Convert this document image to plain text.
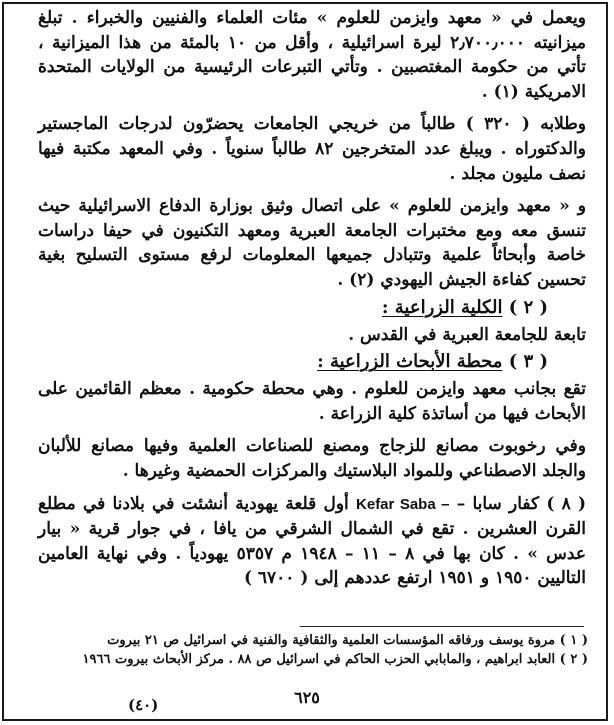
ويعمل في « معهد وايزمن للعلوم » مئات العلماء والفنيين والخبراء . تبلغ ميزانيته ٢٫٧٠٠٫٠٠٠ ليرة اسرائيلية ، وأقل من ١٠ بالمئة من هذا الميزانية ، تأتي من حكومة المغتصبين . وتأتي التبرعات الرئيسية من الولايات المتحدة الامريكية (١) .

وطلابه ( ٣٢٠ ) طالباً من خريجي الجامعات يحضرّون لدرجات الماجستير والدكتوراه . ويبلغ عدد المتخرجين ٨٢ طالباً سنوياً . وفي المعهد مكتبة فيها نصف مليون مجلد .

و « معهد وايزمن للعلوم » على اتصال وثيق بوزارة الدفاع الاسرائيلية حيث تنسق معه ومع مختبرات الجامعة العبرية ومعهد التكنيون في حيفا دراسات خاصة وأبحاثاً علمية وتتبادل جميعها المعلومات لرفع مستوى التسليح بغية تحسين كفاءة الجيش اليهودي (٢) .

( ٢ ) الكلية الزراعية :

تابعة للجامعة العبرية في القدس .

( ٣ ) محطة الأبحاث الزراعية :

تقع بجانب معهد وايزمن للعلوم . وهي محطة حكومية . معظم القائمين على الأبحاث فيها من أساتذة كلية الزراعة .

وفي رخوبوت مصانع للزجاج ومصنع للصناعات العلمية وفيها مصانع للألبان والجلد الاصطناعي وللمواد البلاستيك والمركزات الحمضية وغيرها .

( ٨ ) كفار سابا – Kefar Saba – أول قلعة يهودية أنشئت في بلادنا في مطلع القرن العشرين . تقع في الشمال الشرقي من يافا ، في جوار قرية « بيار عدس » . كان بها في ٨ – ١١ – ١٩٤٨ م ٥٣٥٧ يهودياً . وفي نهاية العامين التاليين ١٩٥٠ و ١٩٥١ ارتفع عددهم إلى ( ٦٧٠٠ )

( ١ ) مروة يوسف ورفاقه المؤسسات العلمية والثقافية والفنية في اسرائيل ص ٢١ بيروت

( ٢ ) العابد ابراهيم ، والمابابي الحزب الحاكم في اسرائيل ص ٨٨ . مركز الأبحاث بيروت ١٩٦٦

٦٢٥
(٤٠)
